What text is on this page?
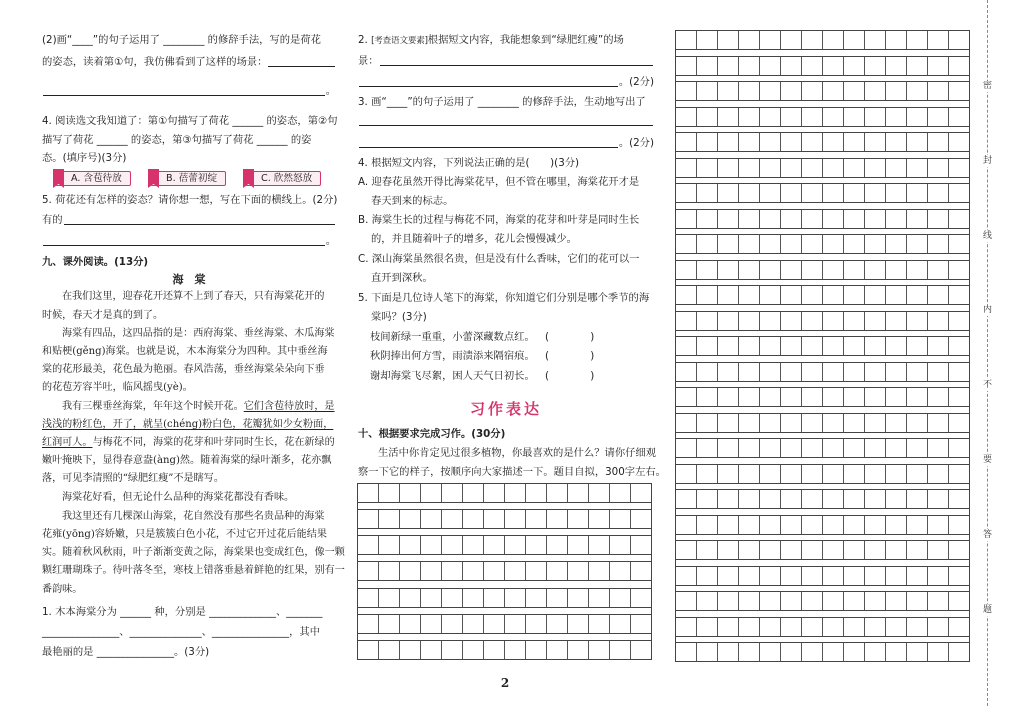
(2)画“____”的句子运用了 ________ 的修辞手法，写的是荷花
的姿态，读着第①句，我仿佛看到了这样的场景：
。
4. 阅读选文我知道了：第①句描写了荷花 ______ 的姿态，第②句
描写了荷花 ______ 的姿态，第③句描写了荷花 ______ 的姿
态。(填序号)(3分)
A. 含苞待放	B. 蓓蕾初绽	C. 欣然怒放
5. 荷花还有怎样的姿态？请你想一想，写在下面的横线上。(2分)
有的
。
九、课外阅读。(13分)
海　棠
在我们这里，迎春花开还算不上到了春天，只有海棠花开的
时候，春天才是真的到了。
海棠有四品，这四品指的是：西府海棠、垂丝海棠、木瓜海棠
和贴梗(gěng)海棠。也就是说，木本海棠分为四种。其中垂丝海
棠的花形最美，花色最为艳丽。春风浩荡，垂丝海棠朵朵向下垂
的花苞芳容半吐，临风摇曳(yè)。
我有三棵垂丝海棠，年年这个时候开花。它们含苞待放时，是
浅浅的粉红色，开了，就呈(chéng)粉白色，花瓣犹如少女粉面，
红润可人。与梅花不同，海棠的花芽和叶芽同时生长，花在新绿的
嫩叶掩映下，显得春意盎(àng)然。随着海棠的绿叶渐多，花亦飘
落，可见李清照的“绿肥红瘦”不是瞎写。
海棠花好看，但无论什么品种的海棠花都没有香味。
我这里还有几棵深山海棠，花自然没有那些名贵品种的海棠
花雍(yōng)容娇嫩，只是簇簇白色小花，不过它开过花后能结果
实。随着秋风秋雨，叶子渐渐变黄之际，海棠果也变成红色，像一颗
颗红珊瑚珠子。待叶落冬至，寒枝上错落垂悬着鲜艳的红果，别有一
番韵味。
1. 木本海棠分为 ______ 种，分别是 _____________、_______
_______________、______________、_______________，其中
最艳丽的是 _______________。(3分)
2. [考查语文要素]根据短文内容，我能想象到“绿肥红瘦”的场
景：
。(2分)
3. 画“____”的句子运用了 ________ 的修辞手法，生动地写出了
。(2分)
4. 根据短文内容，下列说法正确的是(　　)(3分)
A. 迎春花虽然开得比海棠花早，但不管在哪里，海棠花开才是
春天到来的标志。
B. 海棠生长的过程与梅花不同，海棠的花芽和叶芽是同时生长
的，并且随着叶子的增多，花儿会慢慢减少。
C. 深山海棠虽然很名贵，但是没有什么香味，它们的花可以一
直开到深秋。
5. 下面是几位诗人笔下的海棠，你知道它们分别是哪个季节的海
棠吗？(3分)
枝间新绿一重重，小蕾深藏数点红。 (　　　　)
秋阴捧出何方雪，雨渍添来隔宿痕。 (　　　　)
谢却海棠飞尽絮，困人天气日初长。 (　　　　)
习作表达
十、根据要求完成习作。(30分)
生活中你肯定见过很多植物，你最喜欢的是什么？请你仔细观
察一下它的样子，按顺序向大家描述一下。题目自拟，300字左右。
密
封
线
内
不
要
答
题
2
